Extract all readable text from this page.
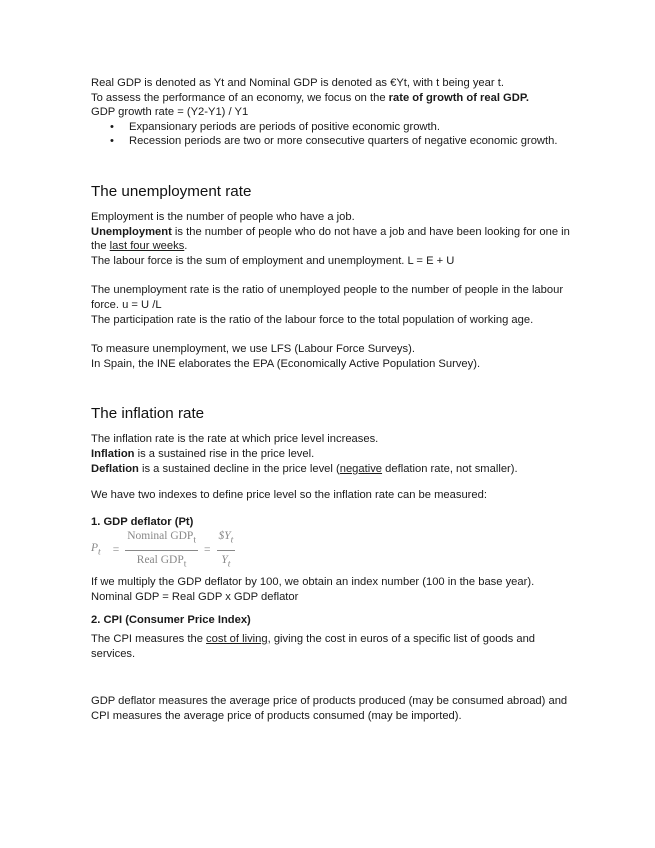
Real GDP is denoted as Yt and Nominal GDP is denoted as €Yt, with t being year t.

To assess the performance of an economy, we focus on the rate of growth of real GDP.

GDP growth rate = (Y2-Y1) / Y1

• Expansionary periods are periods of positive economic growth.
• Recession periods are two or more consecutive quarters of negative economic growth.
The unemployment rate

Employment is the number of people who have a job.

Unemployment is the number of people who do not have a job and have been looking for one in the last four weeks.

The labour force is the sum of employment and unemployment. L = E + U

The unemployment rate is the ratio of unemployed people to the number of people in the labour force. u = U /L

The participation rate is the ratio of the labour force to the total population of working age.

To measure unemployment, we use LFS (Labour Force Surveys).

In Spain, the INE elaborates the EPA (Economically Active Population Survey).

The inflation rate

The inflation rate is the rate at which price level increases.

Inflation is a sustained rise in the price level.

Deflation is a sustained decline in the price level (negative deflation rate, not smaller).

We have two indexes to define price level so the inflation rate can be measured:

1. GDP deflator (Pt)
$P_t = \frac{Nominal GDP_t}{Real GDP_t} = \frac{\$Y_t}{Y_t}$

If we multiply the GDP deflator by 100, we obtain an index number (100 in the base year).

Nominal GDP = Real GDP x GDP deflator

2. CPI (Consumer Price Index)

The CPI measures the cost of living, giving the cost in euros of a specific list of goods and services.

GDP deflator measures the average price of products produced (may be consumed abroad) and CPI measures the average price of products consumed (may be imported).
